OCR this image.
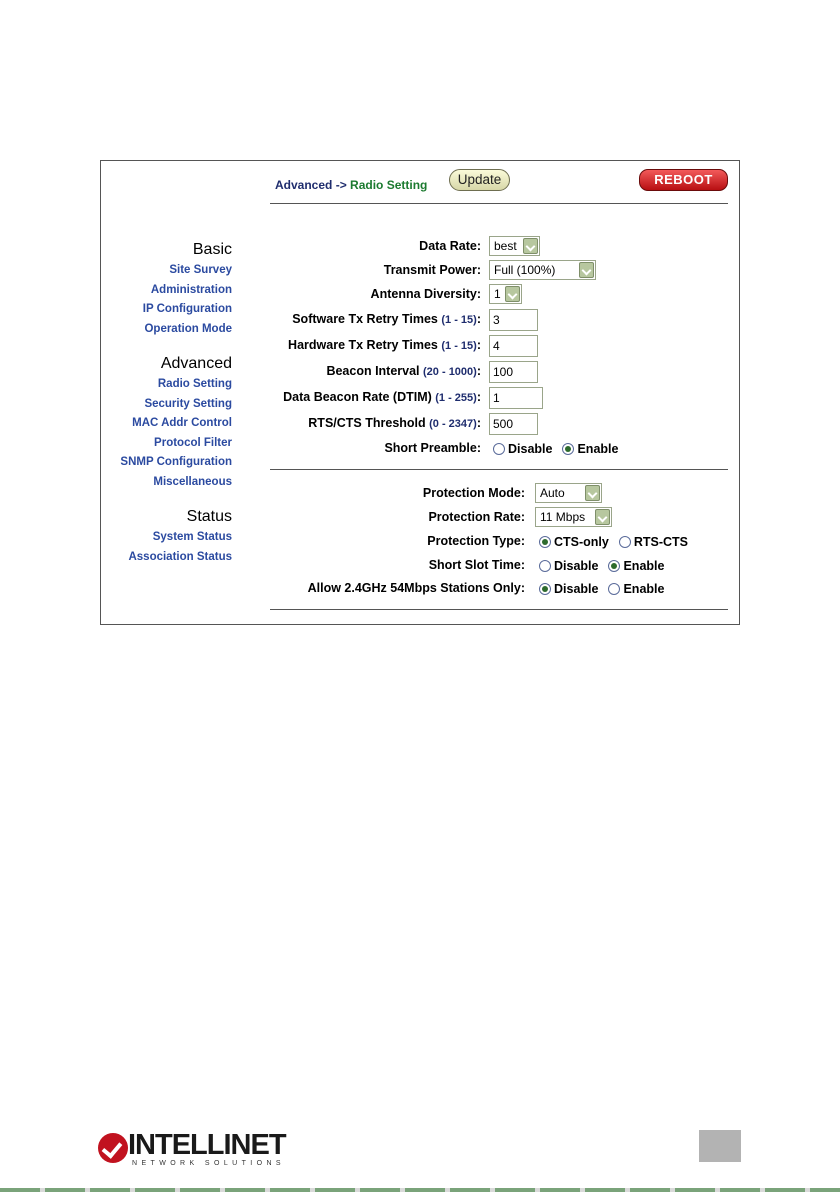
Advanced -> Radio Setting	Update	REBOOT
Basic
Site Survey
Administration
IP Configuration
Operation Mode
Advanced
Radio Setting
Security Setting
MAC Addr Control
Protocol Filter
SNMP Configuration
Miscellaneous
Status
System Status
Association Status
Data Rate:	best
Transmit Power:	Full (100%)
Antenna Diversity:	1
Software Tx Retry Times (1 - 15):
3
Hardware Tx Retry Times (1 - 15):
4
Beacon Interval (20 - 1000):
100
Data Beacon Rate (DTIM) (1 - 255):
1
RTS/CTS Threshold (0 - 2347):
500
Short Preamble: Disable Enable
Protection Mode:	Auto
Protection Rate:	11 Mbps
Protection Type: CTS-only RTS-CTS
Short Slot Time: Disable Enable
Allow 2.4GHz 54Mbps Stations Only: Disable Enable
INTELLINET
NETWORK SOLUTIONS
